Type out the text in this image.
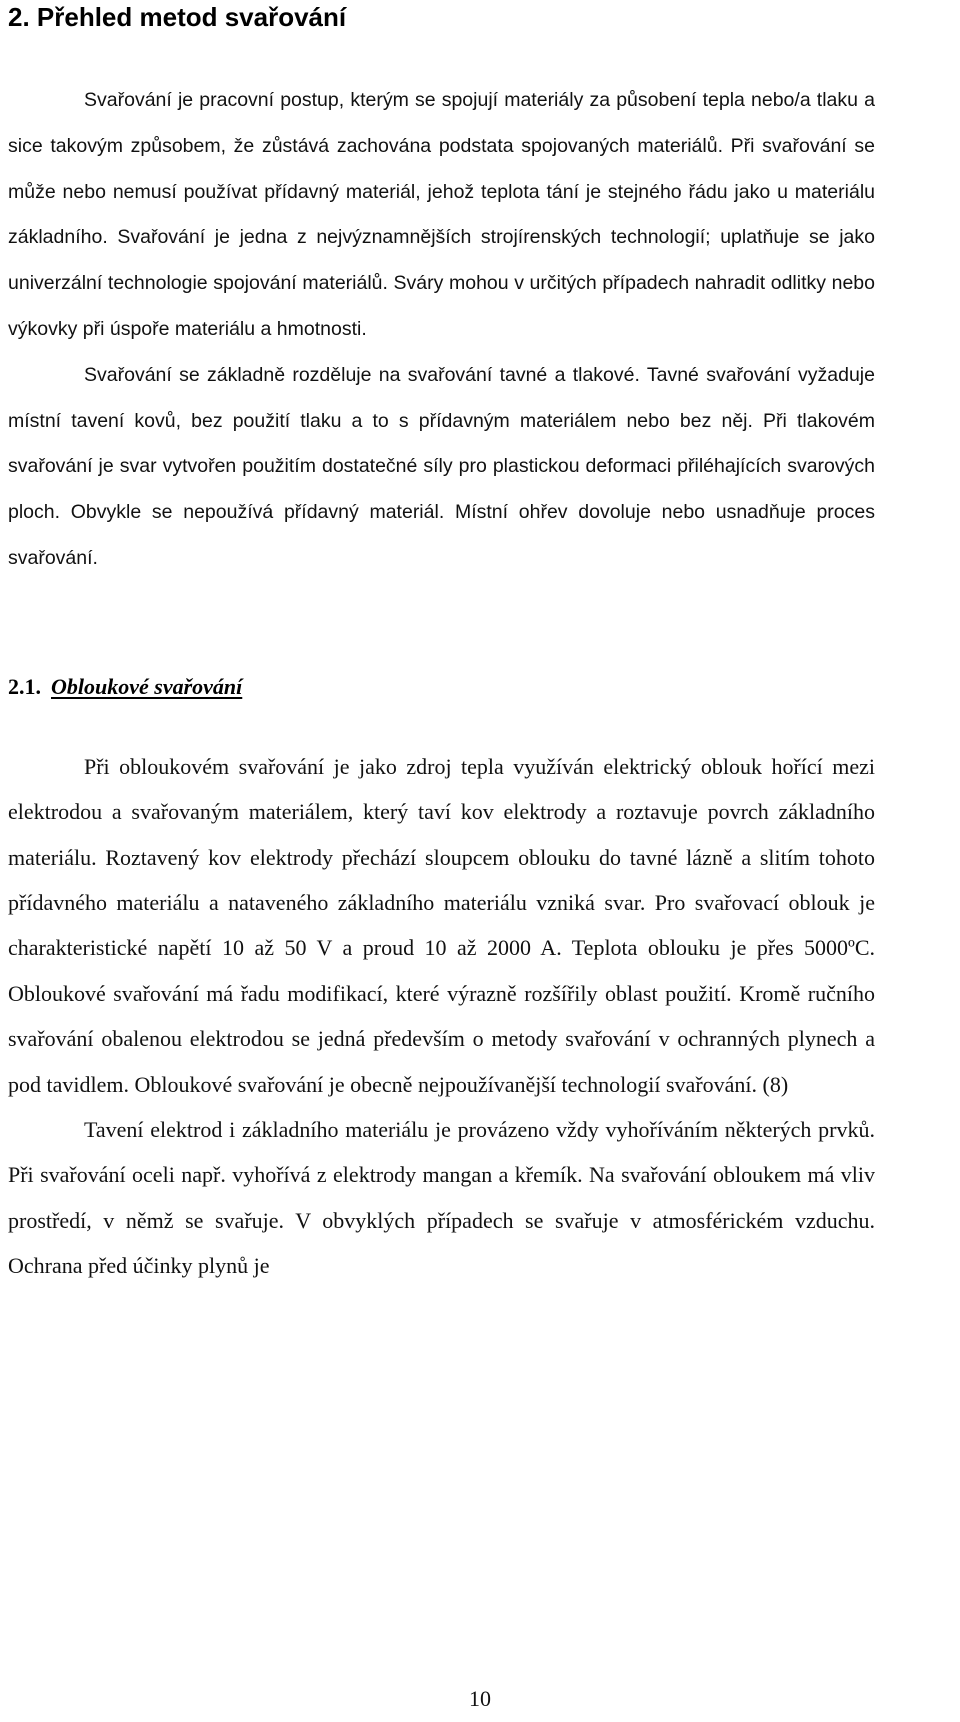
2. Přehled metod svařování

Svařování je pracovní postup, kterým se spojují materiály za působení tepla nebo/a tlaku a sice takovým způsobem, že zůstává zachována podstata spojovaných materiálů. Při svařování se může nebo nemusí používat přídavný materiál, jehož teplota tání je stejného řádu jako u materiálu základního. Svařování je jedna z nejvýznamnějších strojírenských technologií; uplatňuje se jako univerzální technologie spojování materiálů. Sváry mohou v určitých případech nahradit odlitky nebo výkovky při úspoře materiálu a hmotnosti.

Svařování se základně rozděluje na svařování tavné a tlakové. Tavné svařování vyžaduje místní tavení kovů, bez použití tlaku a to s přídavným materiálem nebo bez něj. Při tlakovém svařování je svar vytvořen použitím dostatečné síly pro plastickou deformaci přiléhajících svarových ploch. Obvykle se nepoužívá přídavný materiál. Místní ohřev dovoluje nebo usnadňuje proces svařování.

2.1. Obloukové svařování

Při obloukovém svařování je jako zdroj tepla využíván elektrický oblouk hořící mezi elektrodou a svařovaným materiálem, který taví kov elektrody a roztavuje povrch základního materiálu. Roztavený kov elektrody přechází sloupcem oblouku do tavné lázně a slitím tohoto přídavného materiálu a nataveného základního materiálu vzniká svar. Pro svařovací oblouk je charakteristické napětí 10 až 50 V a proud 10 až 2000 A. Teplota oblouku je přes 5000ºC. Obloukové svařování má řadu modifikací, které výrazně rozšířily oblast použití. Kromě ručního svařování obalenou elektrodou se jedná především o metody svařování v ochranných plynech a pod tavidlem. Obloukové svařování je obecně nejpoužívanější technologií svařování. (8)

Tavení elektrod i základního materiálu je provázeno vždy vyhoříváním některých prvků. Při svařování oceli např. vyhořívá z elektrody mangan a křemík. Na svařování obloukem má vliv prostředí, v němž se svařuje. V obvyklých případech se svařuje v atmosférickém vzduchu. Ochrana před účinky plynů je

10
